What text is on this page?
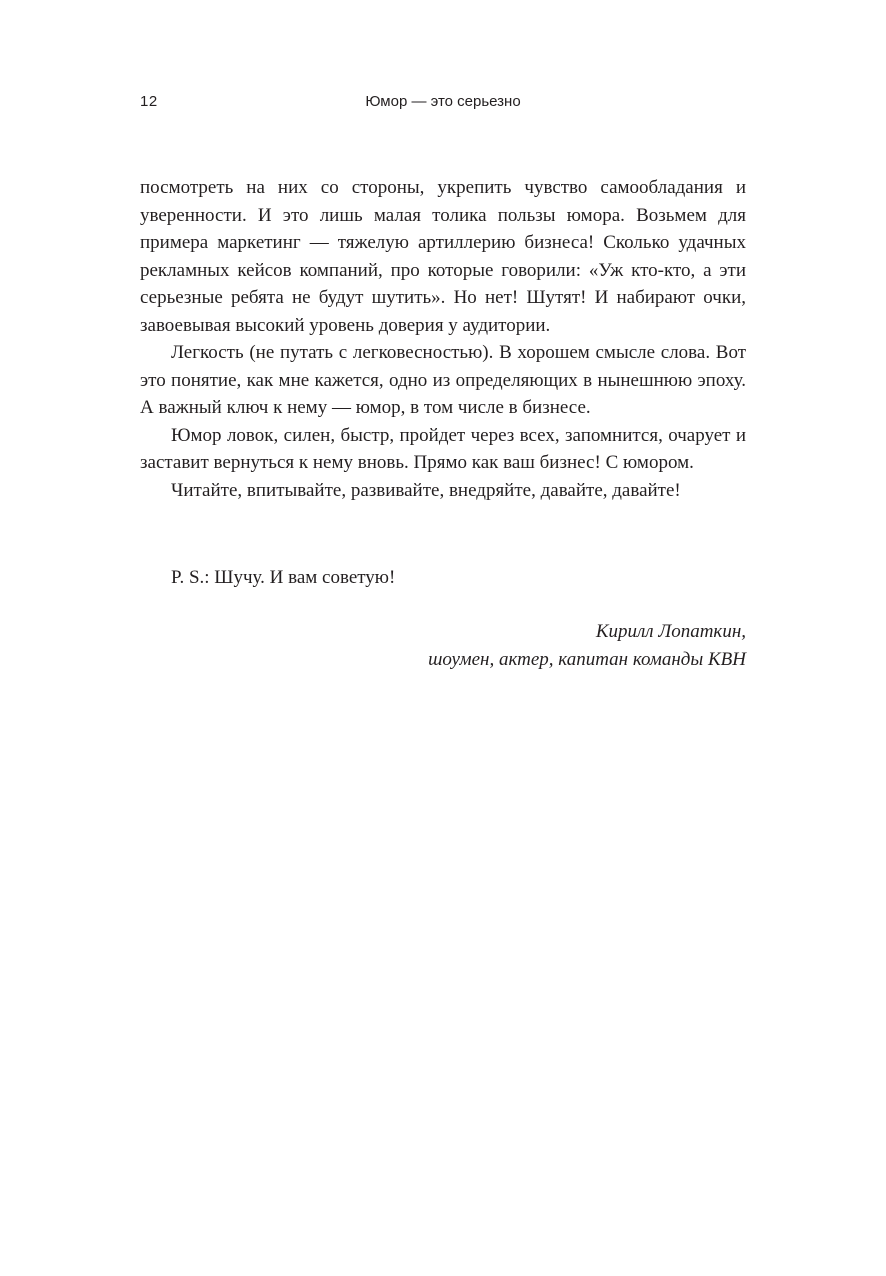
12	Юмор — это серьезно

посмотреть на них со стороны, укрепить чувство самообладания и уверенности. И это лишь малая толика пользы юмора. Возьмем для примера маркетинг — тяжелую артиллерию бизнеса! Сколько удачных рекламных кейсов компаний, про которые говорили: «Уж кто-кто, а эти серьезные ребята не будут шутить». Но нет! Шутят! И набирают очки, завоевывая высокий уровень доверия у аудитории.

Легкость (не путать с легковесностью). В хорошем смысле слова. Вот это понятие, как мне кажется, одно из определяющих в нынешнюю эпоху. А важный ключ к нему — юмор, в том числе в бизнесе.

Юмор ловок, силен, быстр, пройдет через всех, запомнится, очарует и заставит вернуться к нему вновь. Прямо как ваш бизнес! С юмором.

Читайте, впитывайте, развивайте, внедряйте, давайте, давайте!

P. S.: Шучу. И вам советую!
Кирилл Лопаткин,
шоумен, актер, капитан команды КВН
